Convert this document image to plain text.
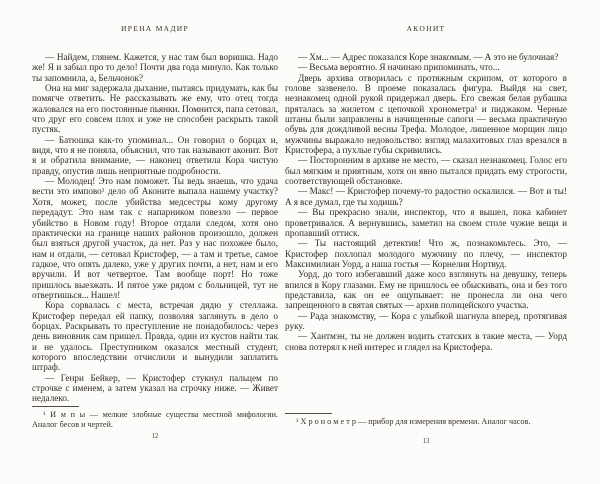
ИРЕНА МАДИР

— Найдем, глянем. Кажется, у нас там был воришка. Надо же! Я и забыл про то дело! Почти два года минуло. Как только ты запомнила, а, Бельчонок?

Она на миг задержала дыхание, пытаясь придумать, как бы помягче ответить. Не рассказывать же ему, что отец тогда жаловался на его постоянные пьянки. Помнится, папа сетовал, что друг его совсем плох и уже не способен раскрыть такой пустяк.

— Батюшка как-то упоминал... Он говорил о борцах и, видя, что я не поняла, объяснил, что так называют аконит. Вот я и обратила внимание, — наконец ответила Кора чистую правду, опустив лишь неприятные подробности.

— Молодец! Это нам поможет. Ты ведь знаешь, что удача вести это импово¹ дело об Аконите выпала нашему участку? Хотя, может, после убийства медсестры кому другому передадут. Это нам так с напарником повезло — первое убийство в Новом году! Второе отдали следом, хотя оно практически на границе наших районов произошло, должен был взяться другой участок, да нет. Раз у нас похожее было, нам и отдали, — сетовал Кристофер, — а там и третье, самое гадкое, что опять далеко, уже у других почти, а нет, нам и его вручили. И вот четвертое. Там вообще порт! Но тоже пришлось выезжать. И пятое уже рядом с больницей, тут не отвертишься... Нашел!

Кора сорвалась с места, встречая дядю у стеллажа. Кристофер передал ей папку, позволяя заглянуть в дело о борцах. Раскрывать то преступление не понадобилось: через день виновник сам пришел. Правда, один из кустов найти так и не удалось. Преступником оказался местный студент, которого впоследствии отчислили и вынудили заплатить штраф.

— Генри Бейкер, — Кристофер стукнул пальцем по строчке с именем, а затем указал на строчку ниже. — Живет недалеко.

¹ И м п ы — мелкие злобные существа местной мифологии. Аналог бесов и чертей.

12
АКОНИТ

— Хм... — Адрес показался Коре знакомым. — А это не булочная?

— Весьма вероятно. Я начинаю припоминать, что...

Дверь архива отворилась с протяжным скрипом, от которого в голове зазвенело. В проеме показалась фигура. Выйдя на свет, незнакомец одной рукой придержал дверь. Его свежая белая рубашка пряталась за жилетом с цепочкой хронометра¹ и пиджаком. Черные штаны были заправлены в начищенные сапоги — весьма практичную обувь для дождливой весны Трефа. Молодое, лишенное морщин лицо мужчины выражало недовольство: взгляд малахитовых глаз врезался в Кристофера, а пухлые губы скривились.

— Посторонним в архиве не место, — сказал незнакомец. Голос его был мягким и приятным, хотя он явно пытался придать ему строгости, соответствующей обстановке.

— Макс! — Кристофер почему-то радостно оскалился. — Вот и ты! А я все думал, где ты ходишь?

— Вы прекрасно знали, инспектор, что я вышел, пока кабинет проветривался. А вернувшись, заметил на своем столе чужие вещи и пропавший оттиск.

— Ты настоящий детектив! Что ж, познакомьтесь. Это, — Кристофер похлопал молодого мужчину по плечу, — инспектор Максимилиан Уорд, а наша гостья — Корнелия Нортвуд.

Уорд, до того избегавший даже косо взглянуть на девушку, теперь впился в Кору глазами. Ему не пришлось ее обыскивать, она и без того представила, как он ее ощупывает: не пронесла ли она чего запрещенного в святая святых — архив полицейского участка.

— Рада знакомству, — Кора с улыбкой шагнула вперед, протягивая руку.

— Хантмэн, ты не должен водить статских в такие места, — Уорд снова потерял к ней интерес и глядел на Кристофера.

¹ Х р о н о м е т р — прибор для измерения времени. Аналог часов.

13
